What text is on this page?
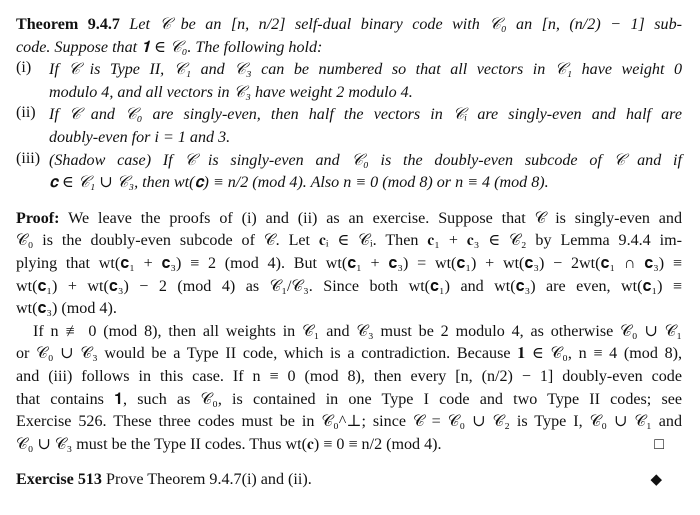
Theorem 9.4.7 Let 𝒞 be an [n, n/2] self-dual binary code with 𝒞₀ an [n, (n/2) − 1] sub-
code. Suppose that 𝟏 ∈ 𝒞₀. The following hold:
(i) If 𝒞 is Type II, 𝒞₁ and 𝒞₃ can be numbered so that all vectors in 𝒞₁ have weight 0
modulo 4, and all vectors in 𝒞₃ have weight 2 modulo 4.
(ii) If 𝒞 and 𝒞₀ are singly-even, then half the vectors in 𝒞ᵢ are singly-even and half are
doubly-even for i = 1 and 3.
(iii) (Shadow case) If 𝒞 is singly-even and 𝒞₀ is the doubly-even subcode of 𝒞 and if
𝐜 ∈ 𝒞₁ ∪ 𝒞₃, then wt(𝐜) ≡ n/2 (mod 4). Also n ≡ 0 (mod 8) or n ≡ 4 (mod 8).
Proof: We leave the proofs of (i) and (ii) as an exercise. Suppose that 𝒞 is singly-even and
𝒞₀ is the doubly-even subcode of 𝒞. Let 𝐜ᵢ ∈ 𝒞ᵢ. Then 𝐜₁ + 𝐜₃ ∈ 𝒞₂ by Lemma 9.4.4 im-
plying that wt(𝐜₁ + 𝐜₃) ≡ 2 (mod 4). But wt(𝐜₁ + 𝐜₃) = wt(𝐜₁) + wt(𝐜₃) − 2wt(𝐜₁ ∩ 𝐜₃) ≡
wt(𝐜₁) + wt(𝐜₃) − 2 (mod 4) as 𝒞₁/𝒞₃. Since both wt(𝐜₁) and wt(𝐜₃) are even, wt(𝐜₁) ≡
wt(𝐜₃) (mod 4).
If n ≢ 0 (mod 8), then all weights in 𝒞₁ and 𝒞₃ must be 2 modulo 4, as otherwise 𝒞₀ ∪ 𝒞₁
or 𝒞₀ ∪ 𝒞₃ would be a Type II code, which is a contradiction. Because 𝟏 ∈ 𝒞₀, n ≡ 4 (mod 8),
and (iii) follows in this case. If n ≡ 0 (mod 8), then every [n, (n/2) − 1] doubly-even code
that contains 𝟏, such as 𝒞₀, is contained in one Type I code and two Type II codes; see
Exercise 526. These three codes must be in 𝒞₀^⊥; since 𝒞 = 𝒞₀ ∪ 𝒞₂ is Type I, 𝒞₀ ∪ 𝒞₁ and
𝒞₀ ∪ 𝒞₃ must be the Type II codes. Thus wt(𝐜) ≡ 0 ≡ n/2 (mod 4).	□
Exercise 513 Prove Theorem 9.4.7(i) and (ii).	◆
